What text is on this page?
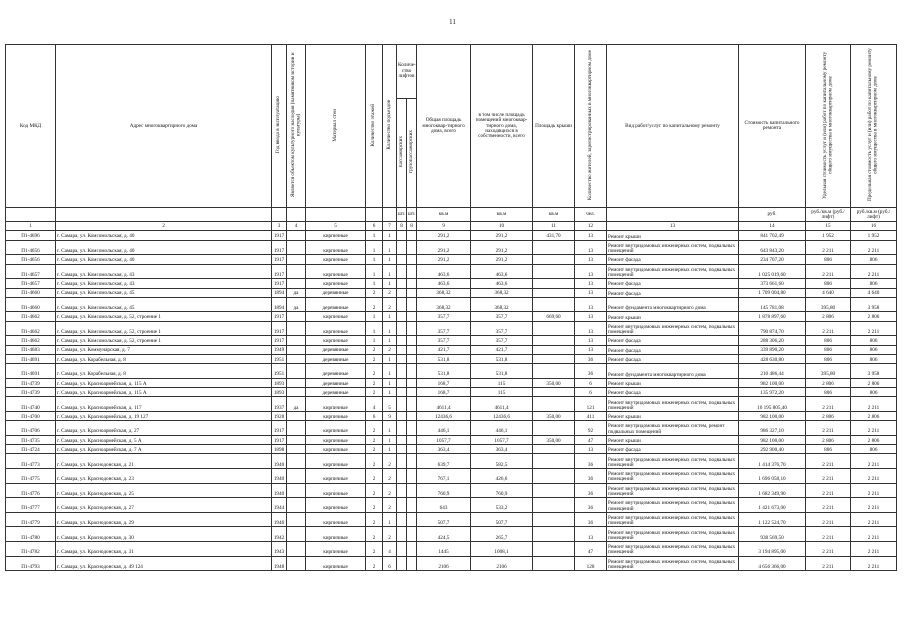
11
Код МКД	Адрес многоквартирного дома	Год ввода в эксплуатацию	Является объектом культурного наследия (памятником истории и культуры)	Материал стен	Количество этажей	Количество подъездов	Количе-ство лифтов		Общая площадь многоквар-тирного дома, всего	в том числе площадь помещений многоквар-тирного дома, находящихся в собственности, всего	Площадь крыши	Количество жителей, зарегистрированных в многоквартирном доме	Вид работ/услуг по капитальному ремонту	Стоимость капитального ремонта	Удельная стоимость услуг и (или) работ по капитальному ремонту общего имущества в многоквартирном доме	Предельная стоимость услуг и (или) работ по капитальному ремонту общего имущества в многоквартирном доме
							пассажирских	грузопассажирских								
							шт.	шт.	кв.м	кв.м	кв.м	чел.		руб.	руб./кв.м (руб./лифт)	руб./кв.м (руб./лифт)
1	2	3	4	5	6	7	8	8	9	10	11	12	13	14	15	16
П1-4696	г. Самара, ул. Комсомольская, д. 40	1917		кирпичные	1	1			291,2	291,2	431,70	13	Ремонт крыши	841 702,49	1 952	1 952
П1-4656	г. Самара, ул. Комсомольская, д. 40	1917		кирпичные	1	1			291,2	291,2		13	Ремонт внутридомовых инженерных систем, подвальных помещений	643 843,20	2 211	2 211
П1-4656	г. Самара, ул. Комсомольская, д. 40	1917		кирпичные	1	1			291,2	291,2		13	Ремонт фасада	234 707,20	806	806
П1-4657	г. Самара, ул. Комсомольская, д. 43	1917		кирпичные	1	1			463,6	463,6		13	Ремонт внутридомовых инженерных систем, подвальных помещений	1 025 019,60	2 211	2 211
П1-4657	г. Самара, ул. Комсомольская, д. 43	1917		кирпичные	1	1			463,6	463,6		13	Ремонт фасада	373 661,60	806	806
П1-4660	г. Самара, ул. Комсомольская, д. 45	1894	да	деревянные	2	2			368,32	368,32		13	Ремонт фасада	1 709 004,80	4 640	4 640
П1-4660	г. Самара, ул. Комсомольская, д. 45	1894	да	деревянные	2	2			368,32	368,32		13	Ремонт фундамента многоквартирного дома	145 781,08	395,80	3 958
П1-4662	г. Самара, ул. Комсомольская, д. 52, строение 1	1917		кирпичные	1	1			357,7	357,7	669,60	13	Ремонт крыши	1 878 897,60	2 806	2 806
П1-4662	г. Самара, ул. Комсомольская, д. 52, строение 1	1917		кирпичные	1	1			357,7	357,7		13	Ремонт внутридомовых инженерных систем, подвальных помещений	790 874,70	2 211	2 211
П1-4662	г. Самара, ул. Комсомольская, д. 52, строение 1	1917		кирпичные	1	1			357,7	357,7		13	Ремонт фасада	288 306,20	806	806
П1-4683	г. Самара, ул. Коммунарская, д. 7	1949		деревянные	2	2			421,7	421,7		13	Ремонт фасада	339 890,20	806	806
П1-4691	г. Самара, ул. Корабельная, д. 8	1951		деревянные	2	1			531,8	531,8		36	Ремонт фасада	428 630,80	806	806
П1-4691	г. Самара, ул. Корабельная, д. 8	1951		деревянные	2	1			531,8	531,8		36	Ремонт фундамента многоквартирного дома	210 486,44	395,80	3 958
П1-4739	г. Самара, ул. Красноармейская, д. 115 А	1893		деревянные	2	1			168,7	115	350,00	6	Ремонт крыши	982 100,00	2 806	2 806
П1-4739	г. Самара, ул. Красноармейская, д. 115 А	1893		деревянные	2	1			168,7	115		6	Ремонт фасада	135 972,20	806	806
П1-4740	г. Самара, ул. Красноармейская, д. 117	1937	да	кирпичные	4	5			4611,4	4611,4		121	Ремонт внутридомовых инженерных систем, подвальных помещений	10 195 805,40	2 211	2 211
П1-4700	г. Самара, ул. Красноармейская, д. 19 127	1928		кирпичные	6	9			12436,6	12436,6	350,00	411	Ремонт крыши	982 100,00	2 806	2 806
П1-4706	г. Самара, ул. Красноармейская, д. 27	1917		кирпичные	2	1			446,1	446,1		92	Ремонт внутридомовых инженерных систем, ремонт подвальных помещений	986 327,10	2 211	2 211
П1-4735	г. Самара, ул. Красноармейская, д. 5 А	1917		кирпичные	2	1			1057,7	1057,7	350,00	47	Ремонт крыши	982 100,00	2 806	2 806
П1-4724	г. Самара, ул. Красноармейская, д. 7 А	1898		кирпичные	2	1			363,4	363,4		13	Ремонт фасада	292 900,40	806	806
П1-4773	г. Самара, ул. Краснодонская, д. 21	1940		кирпичные	2	2			639,7	582,5		36	Ремонт внутридомовых инженерных систем, подвальных помещений	1 414 376,70	2 211	2 211
П1-4775	г. Самара, ул. Краснодонская, д. 23	1940		кирпичные	2	2			767,1	426,6		36	Ремонт внутридомовых инженерных систем, подвальных помещений	1 696 058,10	2 211	2 211
П1-4776	г. Самара, ул. Краснодонская, д. 25	1940		кирпичные	2	2			760,9	760,9		36	Ремонт внутридомовых инженерных систем, подвальных помещений	1 682 349,90	2 211	2 211
П1-4777	г. Самара, ул. Краснодонская, д. 27	1944		кирпичные	2	2			643	533,2		36	Ремонт внутридомовых инженерных систем, подвальных помещений	1 421 673,00	2 211	2 211
П1-4779	г. Самара, ул. Краснодонская, д. 29	1946		кирпичные	2	1			507,7	507,7		36	Ремонт внутридомовых инженерных систем, подвальных помещений	1 122 524,70	2 211	2 211
П1-4780	г. Самара, ул. Краснодонская, д. 30	1942		кирпичные	2	2			424,5	265,7		13	Ремонт внутридомовых инженерных систем, подвальных помещений	938 569,50	2 211	2 211
П1-4782	г. Самара, ул. Краснодонская, д. 31	1943		кирпичные	2	4			1445	1008,1		47	Ремонт внутридомовых инженерных систем, подвальных помещений	3 194 895,00	2 211	2 211
П1-4793	г. Самара, ул. Краснодонская, д. 49 124	1948		кирпичные	2	6			2106	2106		128	Ремонт внутридомовых инженерных систем, подвальных помещений	4 656 366,00	2 211	2 211
